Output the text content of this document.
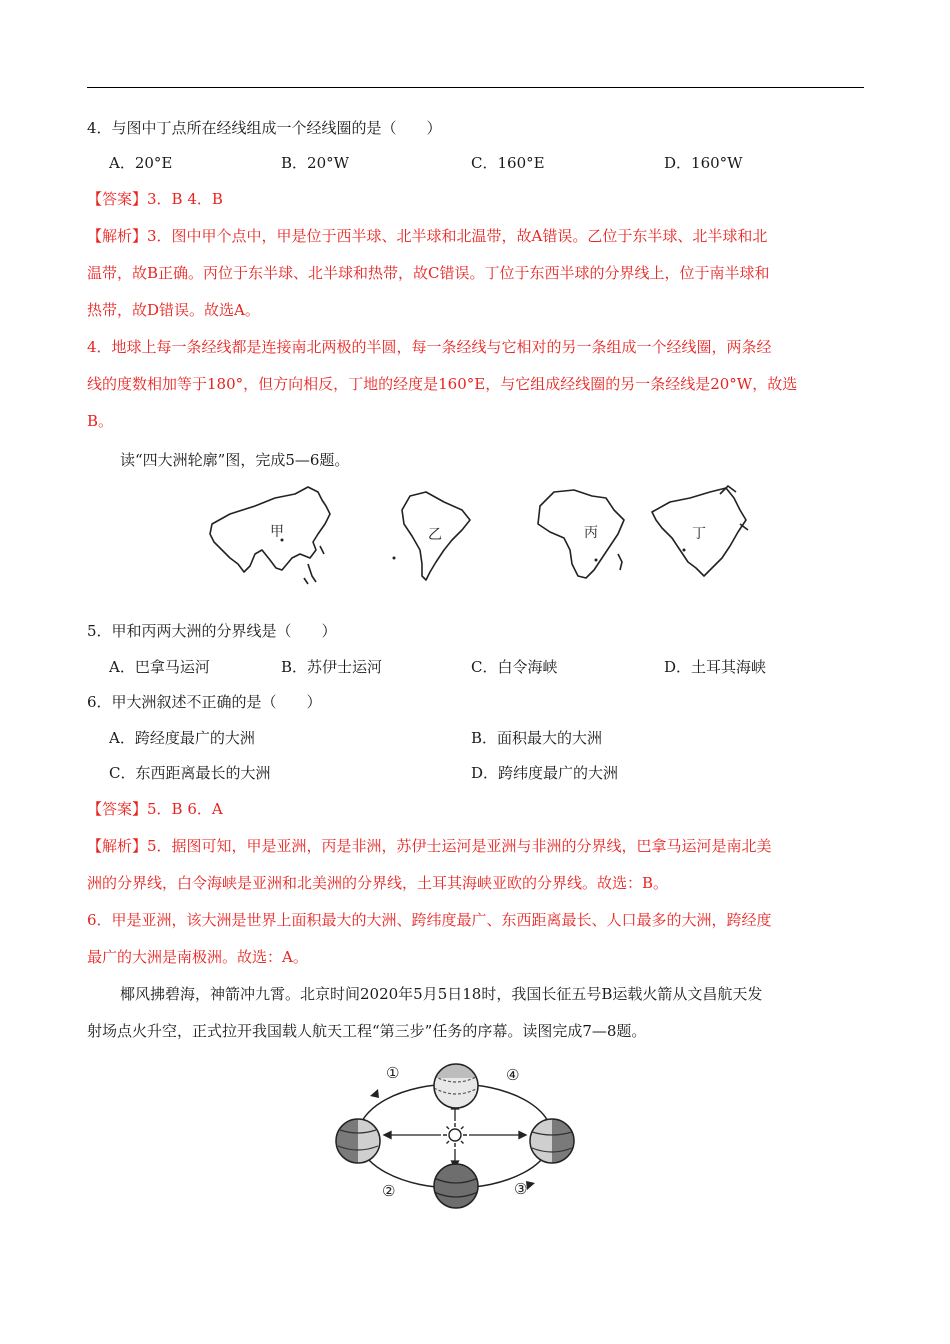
4．与图中丁点所在经线组成一个经线圈的是（　　）
A．20°E	B．20°W	C．160°E	D．160°W
【答案】3．B 4．B
【解析】3．图中甲个点中，甲是位于西半球、北半球和北温带，故A错误。乙位于东半球、北半球和北
温带，故B正确。丙位于东半球、北半球和热带，故C错误。丁位于东西半球的分界线上，位于南半球和
热带，故D错误。故选A。
4．地球上每一条经线都是连接南北两极的半圆，每一条经线与它相对的另一条组成一个经线圈，两条经
线的度数相加等于180°，但方向相反，丁地的经度是160°E，与它组成经线圈的另一条经线是20°W，故选
B。
读“四大洲轮廓”图，完成5—6题。
甲	乙	丙	丁
5．甲和丙两大洲的分界线是（　　）
A．巴拿马运河	B．苏伊士运河	C．白令海峡	D．土耳其海峡
6．甲大洲叙述不正确的是（　　）
A．跨经度最广的大洲	B．面积最大的大洲
C．东西距离最长的大洲	D．跨纬度最广的大洲
【答案】5．B 6．A
【解析】5．据图可知，甲是亚洲，丙是非洲，苏伊士运河是亚洲与非洲的分界线，巴拿马运河是南北美
洲的分界线，白令海峡是亚洲和北美洲的分界线，土耳其海峡亚欧的分界线。故选：B。
6．甲是亚洲，该大洲是世界上面积最大的大洲、跨纬度最广、东西距离最长、人口最多的大洲，跨经度
最广的大洲是南极洲。故选：A。
椰风拂碧海，神箭冲九霄。北京时间2020年5月5日18时，我国长征五号B运载火箭从文昌航天发
射场点火升空，正式拉开我国载人航天工程“第三步”任务的序幕。读图完成7—8题。
①
②	③
④
